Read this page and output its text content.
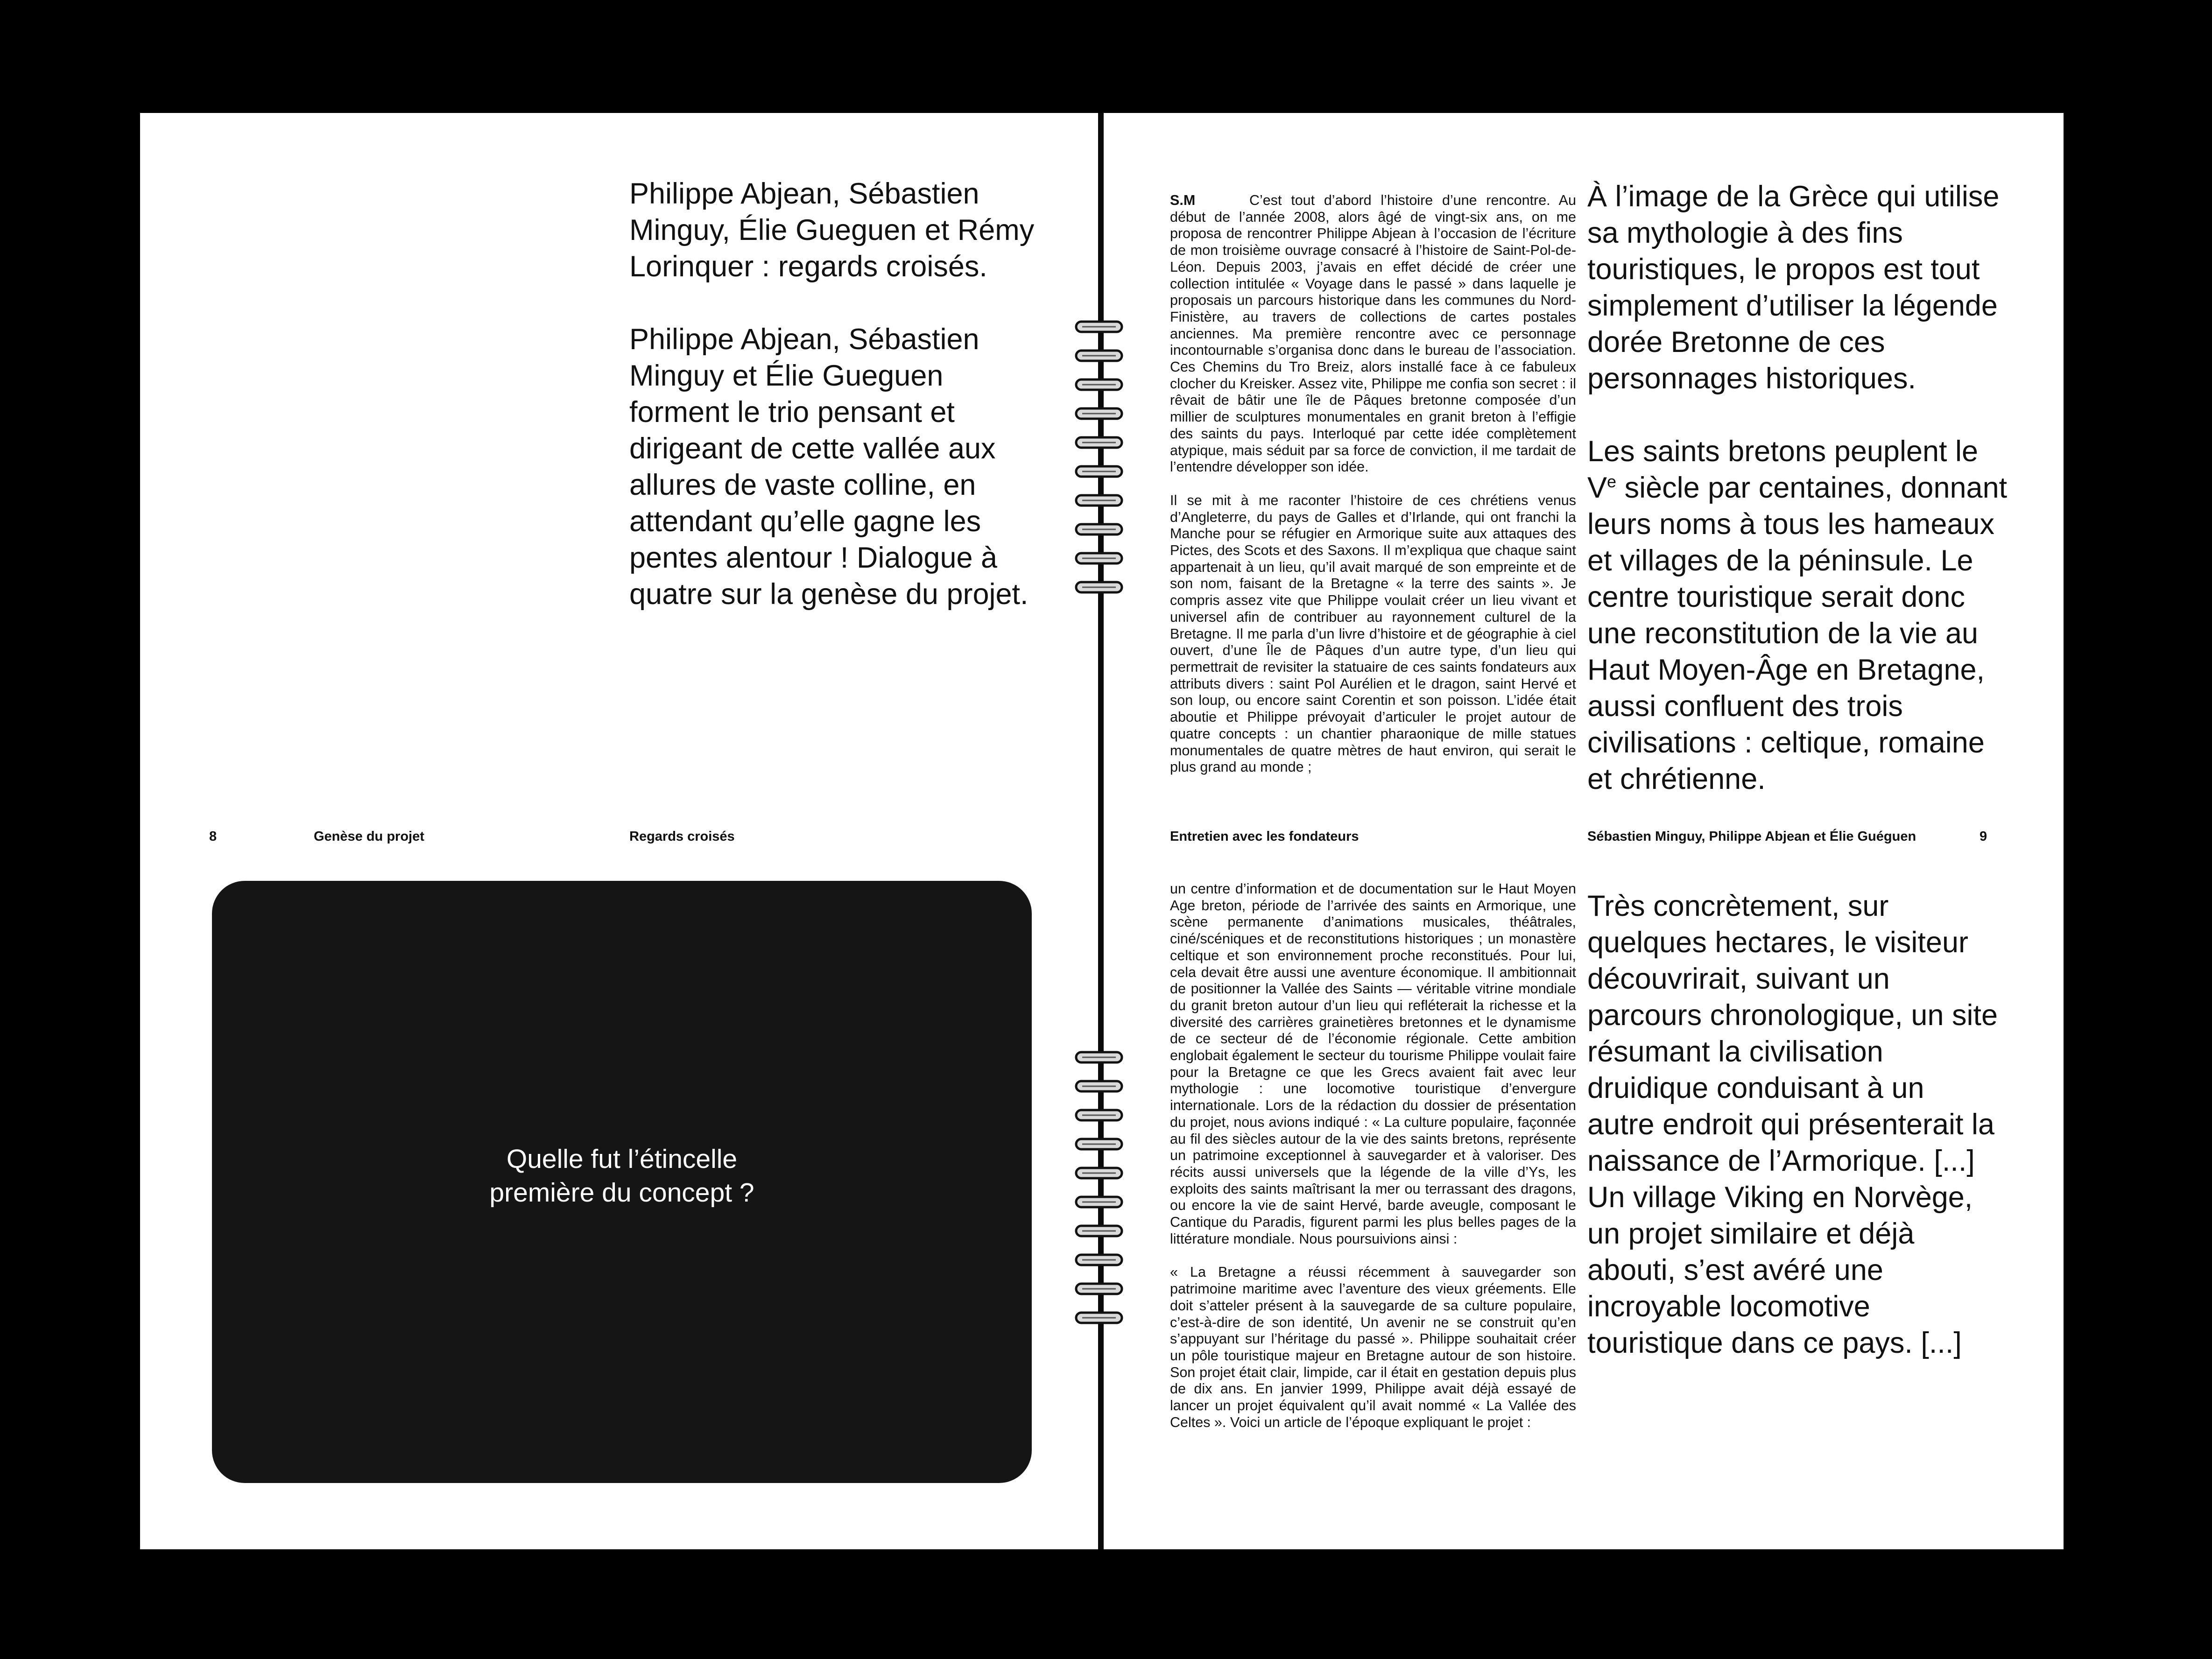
Philippe Abjean, Sébastien Minguy, Élie Gueguen et Rémy Lorinquer : regards croisés.

Philippe Abjean, Sébastien Minguy et Élie Gueguen forment le trio pensant et dirigeant de cette vallée aux allures de vaste colline, en attendant qu’elle gagne les pentes alentour ! Dialogue à quatre sur la genèse du projet.

8	Genèse du projet	Regards croisés
Quelle fut l’étincelle
première du concept ?

S.M	C’est tout d’abord l’histoire d’une rencontre. Au début de l’année 2008, alors âgé de vingt-six ans, on me proposa de rencontrer Philippe Abjean à l’occasion de l’écriture de mon troisième ouvrage consacré à l’histoire de Saint-Pol-de-Léon. Depuis 2003, j’avais en effet décidé de créer une collection intitulée « Voyage dans le passé » dans laquelle je proposais un parcours historique dans les communes du Nord-Finistère, au travers de collections de cartes postales anciennes. Ma première rencontre avec ce personnage incontournable s’organisa donc dans le bureau de l’association. Ces Chemins du Tro Breiz, alors installé face à ce fabuleux clocher du Kreisker. Assez vite, Philippe me confia son secret : il rêvait de bâtir une île de Pâques bretonne composée d’un millier de sculptures monumentales en granit breton à l’effigie des saints du pays. Interloqué par cette idée complètement atypique, mais séduit par sa force de conviction, il me tardait de l’entendre développer son idée.

Il se mit à me raconter l’histoire de ces chrétiens venus d’Angleterre, du pays de Galles et d’Irlande, qui ont franchi la Manche pour se réfugier en Armorique suite aux attaques des Pictes, des Scots et des Saxons. Il m’expliqua que chaque saint appartenait à un lieu, qu’il avait marqué de son empreinte et de son nom, faisant de la Bretagne « la terre des saints ». Je compris assez vite que Philippe voulait créer un lieu vivant et universel afin de contribuer au rayonnement culturel de la Bretagne. Il me parla d’un livre d’histoire et de géographie à ciel ouvert, d’une Île de Pâques d’un autre type, d’un lieu qui permettrait de revisiter la statuaire de ces saints fondateurs aux attributs divers : saint Pol Aurélien et le dragon, saint Hervé et son loup, ou encore saint Corentin et son poisson. L’idée était aboutie et Philippe prévoyait d’articuler le projet autour de quatre concepts : un chantier pharaonique de mille statues monumentales de quatre mètres de haut environ, qui serait le plus grand au monde ;

À l’image de la Grèce qui utilise sa mythologie à des fins touristiques, le propos est tout simplement d’utiliser la légende dorée Bretonne de ces personnages historiques.

Les saints bretons peuplent le Ve siècle par centaines, donnant leurs noms à tous les hameaux et villages de la péninsule. Le centre touristique serait donc une reconstitution de la vie au Haut Moyen-Âge en Bretagne, aussi confluent des trois civilisations : celtique, romaine et chrétienne.

Entretien avec les fondateurs	Sébastien Minguy, Philippe Abjean et Élie Guéguen	9

un centre d’information et de documentation sur le Haut Moyen Age breton, période de l’arrivée des saints en Armorique, une scène permanente d’animations musicales, théâtrales, ciné/scéniques et de reconstitutions historiques ; un monastère celtique et son environnement proche reconstitués. Pour lui, cela devait être aussi une aventure économique. Il ambitionnait de positionner la Vallée des Saints — véritable vitrine mondiale du granit breton autour d’un lieu qui refléterait la richesse et la diversité des carrières grainetières bretonnes et le dynamisme de ce secteur dé de l’économie régionale. Cette ambition englobait également le secteur du tourisme Philippe voulait faire pour la Bretagne ce que les Grecs avaient fait avec leur mythologie : une locomotive touristique d’envergure internationale. Lors de la rédaction du dossier de présentation du projet, nous avions indiqué : « La culture populaire, façonnée au fil des siècles autour de la vie des saints bretons, représente un patrimoine exceptionnel à sauvegarder et à valoriser. Des récits aussi universels que la légende de la ville d’Ys, les exploits des saints maîtrisant la mer ou terrassant des dragons, ou encore la vie de saint Hervé, barde aveugle, composant le Cantique du Paradis, figurent parmi les plus belles pages de la littérature mondiale. Nous poursuivions ainsi :

« La Bretagne a réussi récemment à sauvegarder son patrimoine maritime avec l’aventure des vieux gréements. Elle doit s’atteler présent à la sauvegarde de sa culture populaire, c’est-à-dire de son identité, Un avenir ne se construit qu’en s’appuyant sur l’héritage du passé ». Philippe souhaitait créer un pôle touristique majeur en Bretagne autour de son histoire. Son projet était clair, limpide, car il était en gestation depuis plus de dix ans. En janvier 1999, Philippe avait déjà essayé de lancer un projet équivalent qu’il avait nommé « La Vallée des Celtes ». Voici un article de l’époque expliquant le projet :

Très concrètement, sur quelques hectares, le visiteur découvrirait, suivant un parcours chronologique, un site résumant la civilisation druidique conduisant à un autre endroit qui présenterait la naissance de l’Armorique. [...] Un village Viking en Norvège, un projet similaire et déjà abouti, s’est avéré une incroyable locomotive touristique dans ce pays. [...]
